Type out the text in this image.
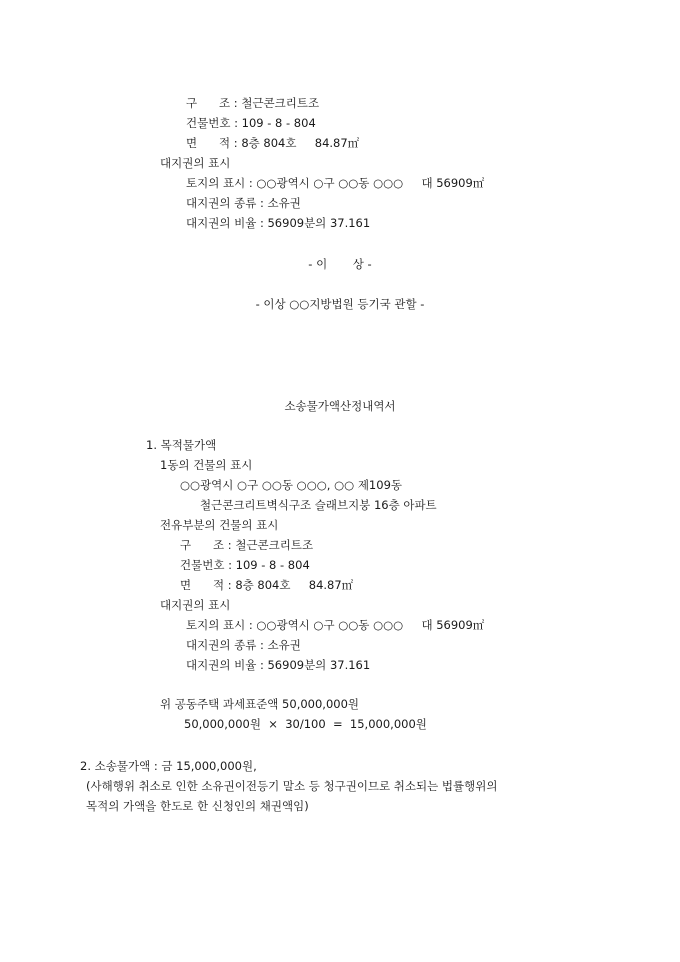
구      조 : 철근콘크리트조
건물번호 : 109 - 8 - 804
면      적 : 8층 804호     84.87㎡
대지권의 표시
토지의 표시 : ○○광역시 ○구 ○○동 ○○○     대 56909㎡
대지권의 종류 : 소유권
대지권의 비율 : 56909분의 37.161
- 이       상 -
- 이상 ○○지방법원 등기국 관할 -
소송물가액산정내역서
1. 목적물가액
1동의 건물의 표시
○○광역시 ○구 ○○동 ○○○, ○○ 제109동
철근콘크리트벽식구조 슬래브지붕 16층 아파트
전유부분의 건물의 표시
구      조 : 철근콘크리트조
건물번호 : 109 - 8 - 804
면      적 : 8층 804호     84.87㎡
대지권의 표시
토지의 표시 : ○○광역시 ○구 ○○동 ○○○     대 56909㎡
대지권의 종류 : 소유권
대지권의 비율 : 56909분의 37.161
위 공동주택 과세표준액 50,000,000원
50,000,000원  ×  30/100  =  15,000,000원
2. 소송물가액 : 금 15,000,000원,
(사해행위 취소로 인한 소유권이전등기 말소 등 청구권이므로 취소되는 법률행위의
목적의 가액을 한도로 한 신청인의 채권액임)
